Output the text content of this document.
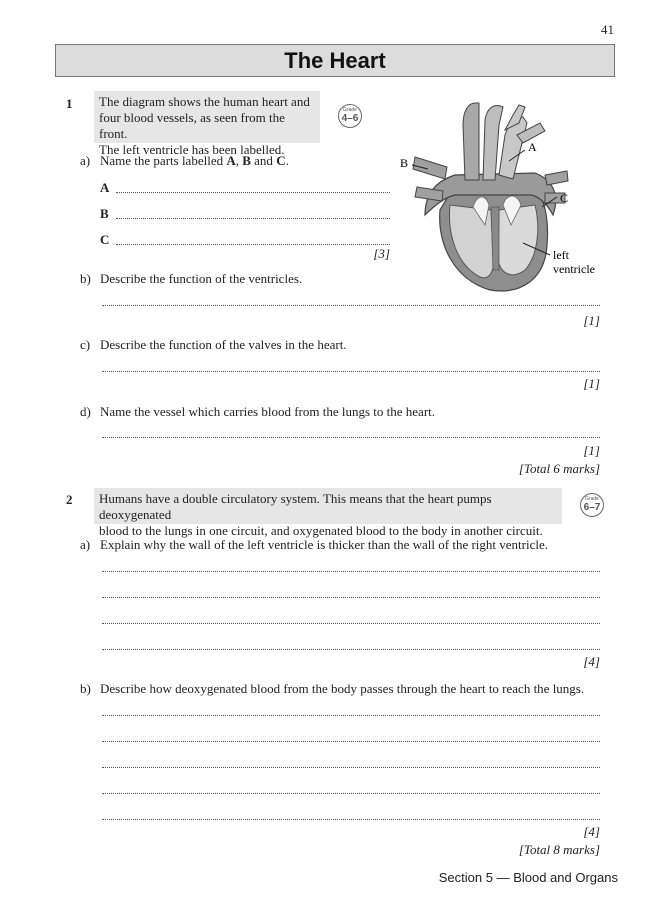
41
The Heart
1 The diagram shows the human heart and
four blood vessels, as seen from the front.
The left ventricle has been labelled.
Grade
4–6
a) Name the parts labelled A, B and C.
A
B
C
[3]
A
B
C
left
ventricle
b) Describe the function of the ventricles.
[1]
c) Describe the function of the valves in the heart.
[1]
d) Name the vessel which carries blood from the lungs to the heart.
[1]
[Total 6 marks]
2 Humans have a double circulatory system. This means that the heart pumps deoxygenated
blood to the lungs in one circuit, and oxygenated blood to the body in another circuit.
Grade
6–7
a) Explain why the wall of the left ventricle is thicker than the wall of the right ventricle.
[4]
b) Describe how deoxygenated blood from the body passes through the heart to reach the lungs.
[4]
[Total 8 marks]
Section 5 — Blood and Organs
